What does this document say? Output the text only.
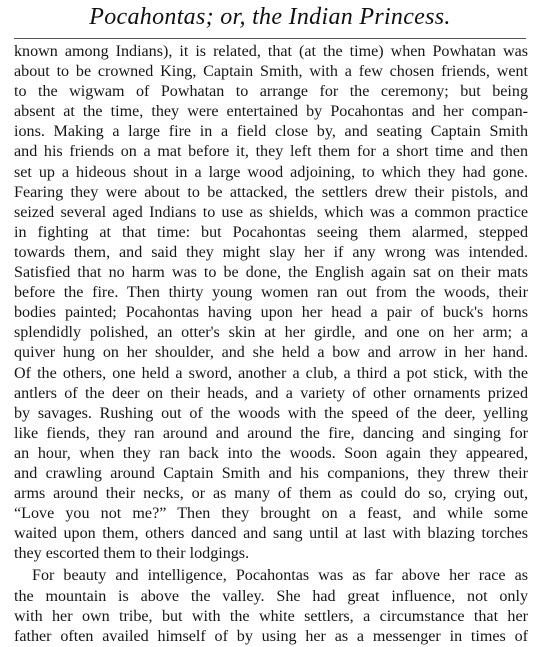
Pocahontas; or, the Indian Princess.
known among Indians), it is related, that (at the time) when Powhatan was
about to be crowned King, Captain Smith, with a few chosen friends, went
to the wigwam of Powhatan to arrange for the ceremony; but being
absent at the time, they were entertained by Pocahontas and her compan-
ions. Making a large fire in a field close by, and seating Captain Smith
and his friends on a mat before it, they left them for a short time and then
set up a hideous shout in a large wood adjoining, to which they had gone.
Fearing they were about to be attacked, the settlers drew their pistols, and
seized several aged Indians to use as shields, which was a common practice
in fighting at that time: but Pocahontas seeing them alarmed, stepped
towards them, and said they might slay her if any wrong was intended.
Satisfied that no harm was to be done, the English again sat on their mats
before the fire. Then thirty young women ran out from the woods, their
bodies painted; Pocahontas having upon her head a pair of buck's horns
splendidly polished, an otter's skin at her girdle, and one on her arm; a
quiver hung on her shoulder, and she held a bow and arrow in her hand.
Of the others, one held a sword, another a club, a third a pot stick, with the
antlers of the deer on their heads, and a variety of other ornaments prized
by savages. Rushing out of the woods with the speed of the deer, yelling
like fiends, they ran around and around the fire, dancing and singing for
an hour, when they ran back into the woods. Soon again they appeared,
and crawling around Captain Smith and his companions, they threw their
arms around their necks, or as many of them as could do so, crying out,
“Love you not me?” Then they brought on a feast, and while some
waited upon them, others danced and sang until at last with blazing torches
they escorted them to their lodgings.
For beauty and intelligence, Pocahontas was as far above her race as
the mountain is above the valley. She had great influence, not only
with her own tribe, but with the white settlers, a circumstance that her
father often availed himself of by using her as a messenger in times of
